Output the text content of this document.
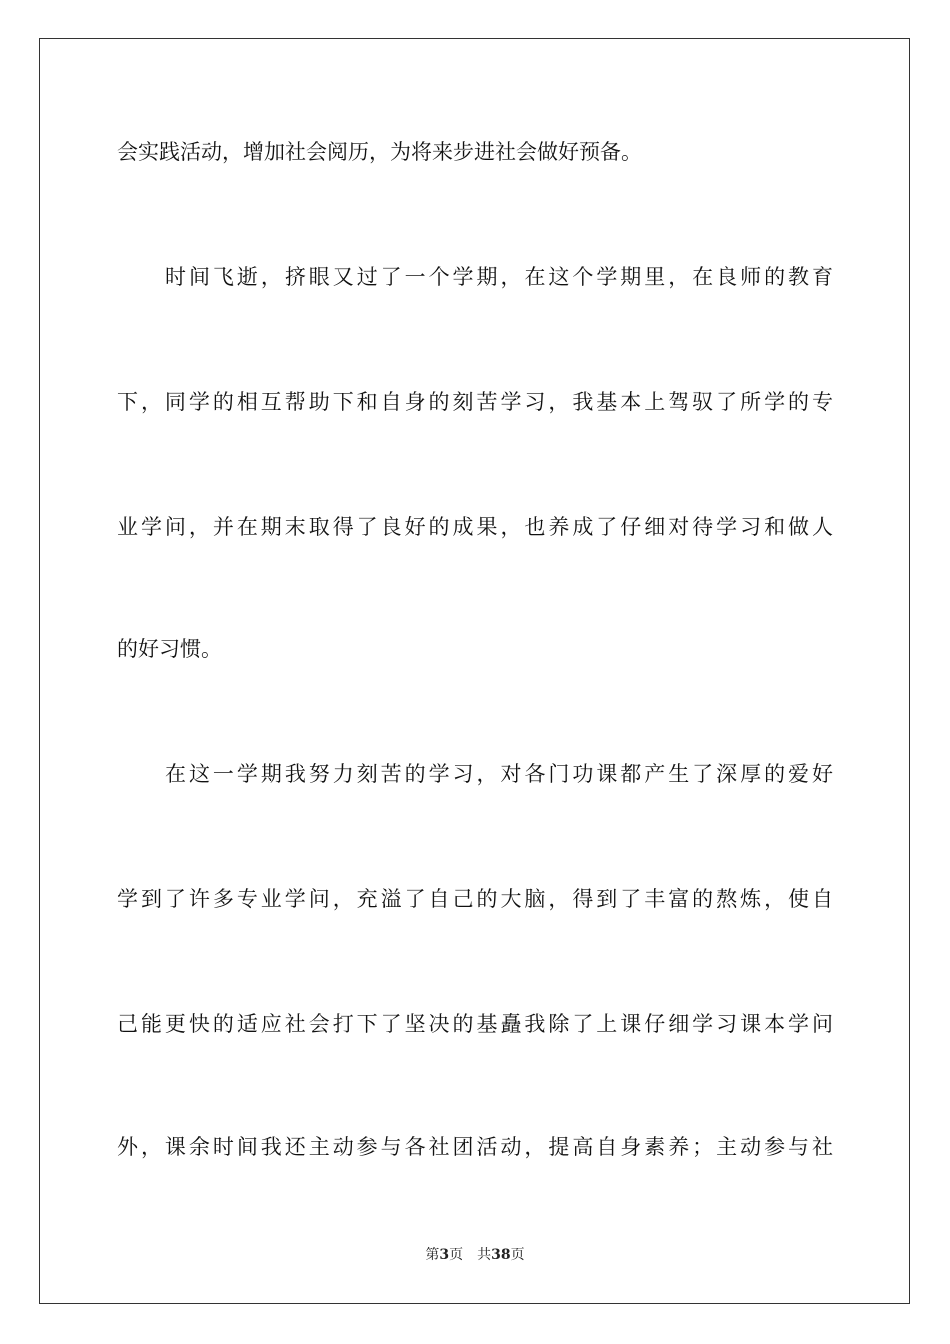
会实践活动，增加社会阅历，为将来步进社会做好预备。
时间飞逝，挤眼又过了一个学期，在这个学期里，在良师的教育
下，同学的相互帮助下和自身的刻苦学习，我基本上驾驭了所学的专
业学问，并在期末取得了良好的成果，也养成了仔细对待学习和做人
的好习惯。
在这一学期我努力刻苦的学习，对各门功课都产生了深厚的爱好
学到了许多专业学问，充溢了自己的大脑，得到了丰富的熬炼，使自
己能更快的适应社会打下了坚决的基矗我除了上课仔细学习课本学问
外，课余时间我还主动参与各社团活动，提高自身素养；主动参与社
第3页 共38页
